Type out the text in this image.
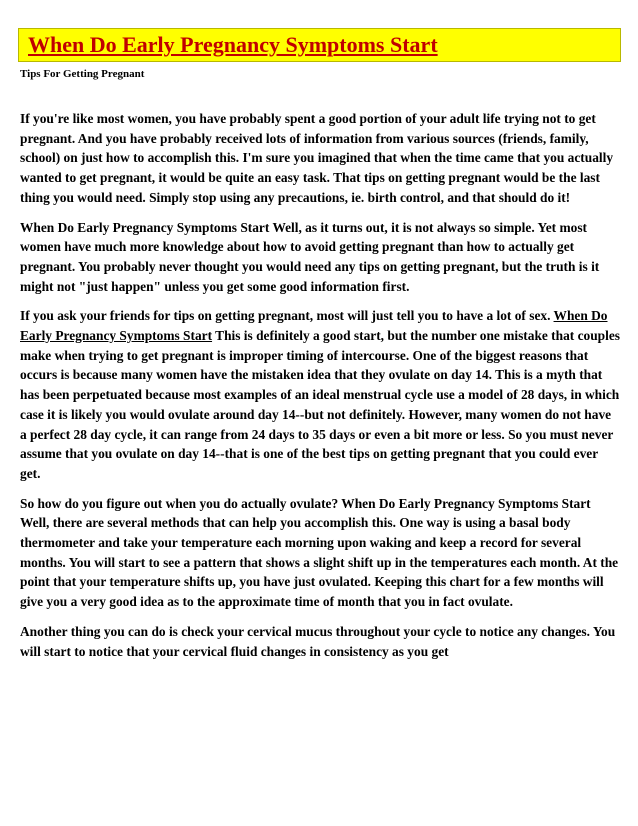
When Do Early Pregnancy Symptoms Start
Tips For Getting Pregnant

If you're like most women, you have probably spent a good portion of your adult life trying not to get pregnant. And you have probably received lots of information from various sources (friends, family, school) on just how to accomplish this. I'm sure you imagined that when the time came that you actually wanted to get pregnant, it would be quite an easy task. That tips on getting pregnant would be the last thing you would need. Simply stop using any precautions, ie. birth control, and that should do it!

When Do Early Pregnancy Symptoms Start Well, as it turns out, it is not always so simple. Yet most women have much more knowledge about how to avoid getting pregnant than how to actually get pregnant. You probably never thought you would need any tips on getting pregnant, but the truth is it might not "just happen" unless you get some good information first.

If you ask your friends for tips on getting pregnant, most will just tell you to have a lot of sex. When Do Early Pregnancy Symptoms Start This is definitely a good start, but the number one mistake that couples make when trying to get pregnant is improper timing of intercourse. One of the biggest reasons that occurs is because many women have the mistaken idea that they ovulate on day 14. This is a myth that has been perpetuated because most examples of an ideal menstrual cycle use a model of 28 days, in which case it is likely you would ovulate around day 14--but not definitely. However, many women do not have a perfect 28 day cycle, it can range from 24 days to 35 days or even a bit more or less. So you must never assume that you ovulate on day 14--that is one of the best tips on getting pregnant that you could ever get.

So how do you figure out when you do actually ovulate? When Do Early Pregnancy Symptoms Start Well, there are several methods that can help you accomplish this. One way is using a basal body thermometer and take your temperature each morning upon waking and keep a record for several months. You will start to see a pattern that shows a slight shift up in the temperatures each month. At the point that your temperature shifts up, you have just ovulated. Keeping this chart for a few months will give you a very good idea as to the approximate time of month that you in fact ovulate.

Another thing you can do is check your cervical mucus throughout your cycle to notice any changes. You will start to notice that your cervical fluid changes in consistency as you get
